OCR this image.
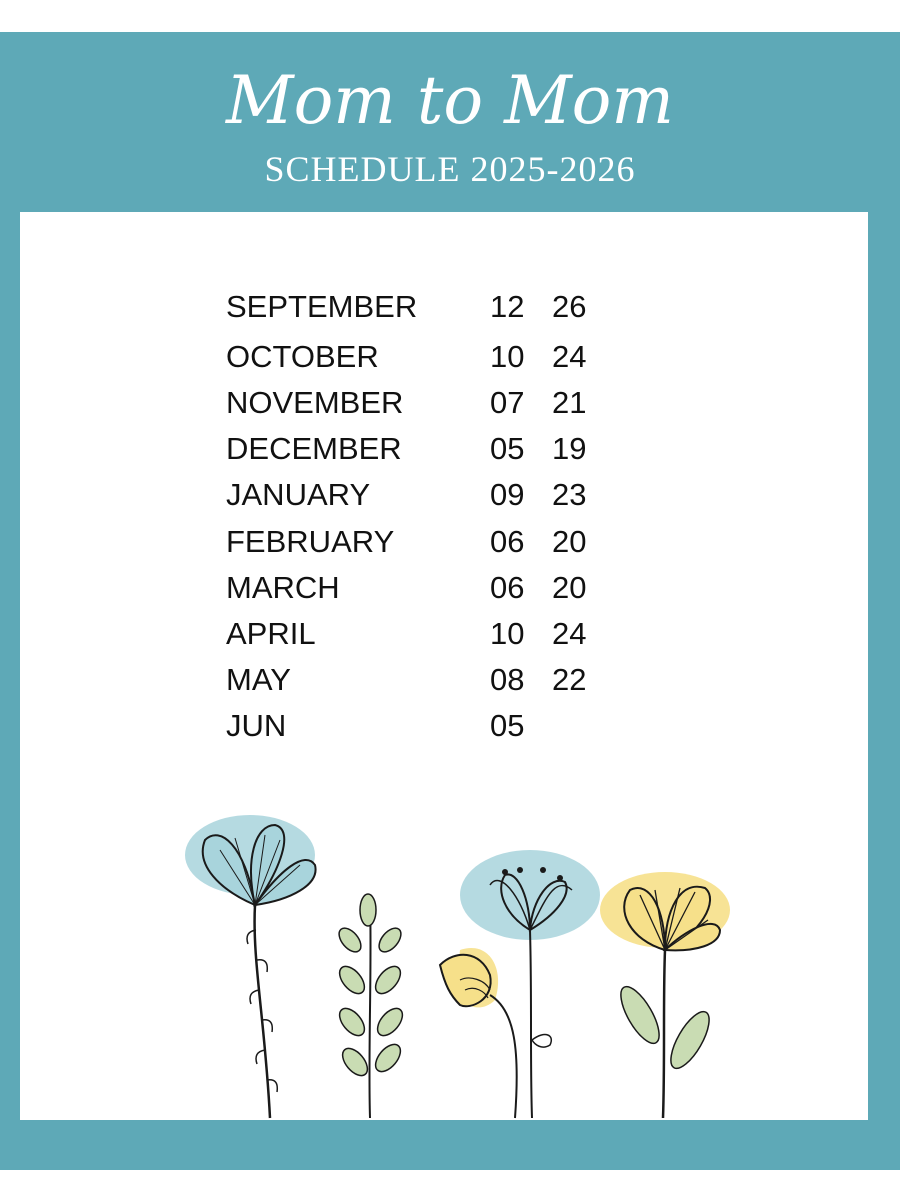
Mom to Mom
SCHEDULE 2025-2026
SEPTEMBER 12 26
OCTOBER	10 24
NOVEMBER	07 21
DECEMBER	05 19
JANUARY	09 23
FEBRUARY	06 20
MARCH	06 20
APRIL	10 24
MAY	08 22
JUN	05
